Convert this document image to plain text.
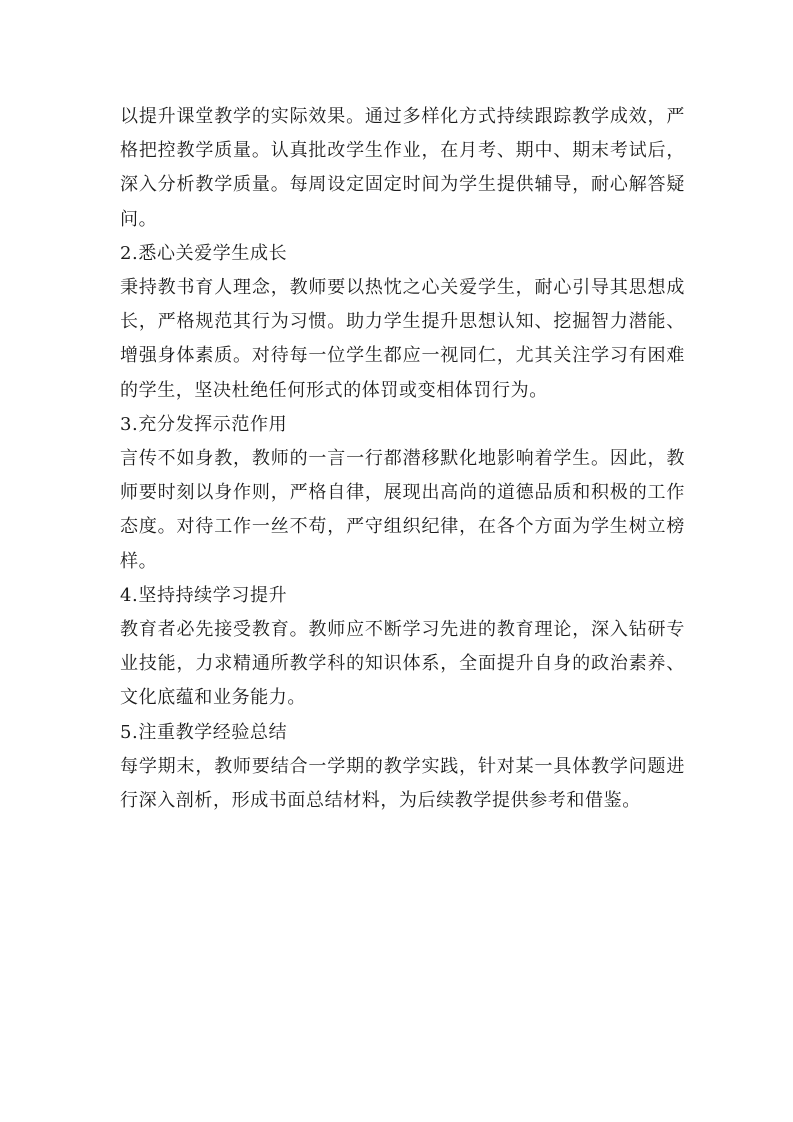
以提升课堂教学的实际效果。通过多样化方式持续跟踪教学成效，严格把控教学质量。认真批改学生作业，在月考、期中、期末考试后，深入分析教学质量。每周设定固定时间为学生提供辅导，耐心解答疑问。

2.悉心关爱学生成长

秉持教书育人理念，教师要以热忱之心关爱学生，耐心引导其思想成长，严格规范其行为习惯。助力学生提升思想认知、挖掘智力潜能、增强身体素质。对待每一位学生都应一视同仁，尤其关注学习有困难的学生，坚决杜绝任何形式的体罚或变相体罚行为。

3.充分发挥示范作用

言传不如身教，教师的一言一行都潜移默化地影响着学生。因此，教师要时刻以身作则，严格自律，展现出高尚的道德品质和积极的工作态度。对待工作一丝不苟，严守组织纪律，在各个方面为学生树立榜样。

4.坚持持续学习提升

教育者必先接受教育。教师应不断学习先进的教育理论，深入钻研专业技能，力求精通所教学科的知识体系，全面提升自身的政治素养、文化底蕴和业务能力。

5.注重教学经验总结

每学期末，教师要结合一学期的教学实践，针对某一具体教学问题进行深入剖析，形成书面总结材料，为后续教学提供参考和借鉴。
